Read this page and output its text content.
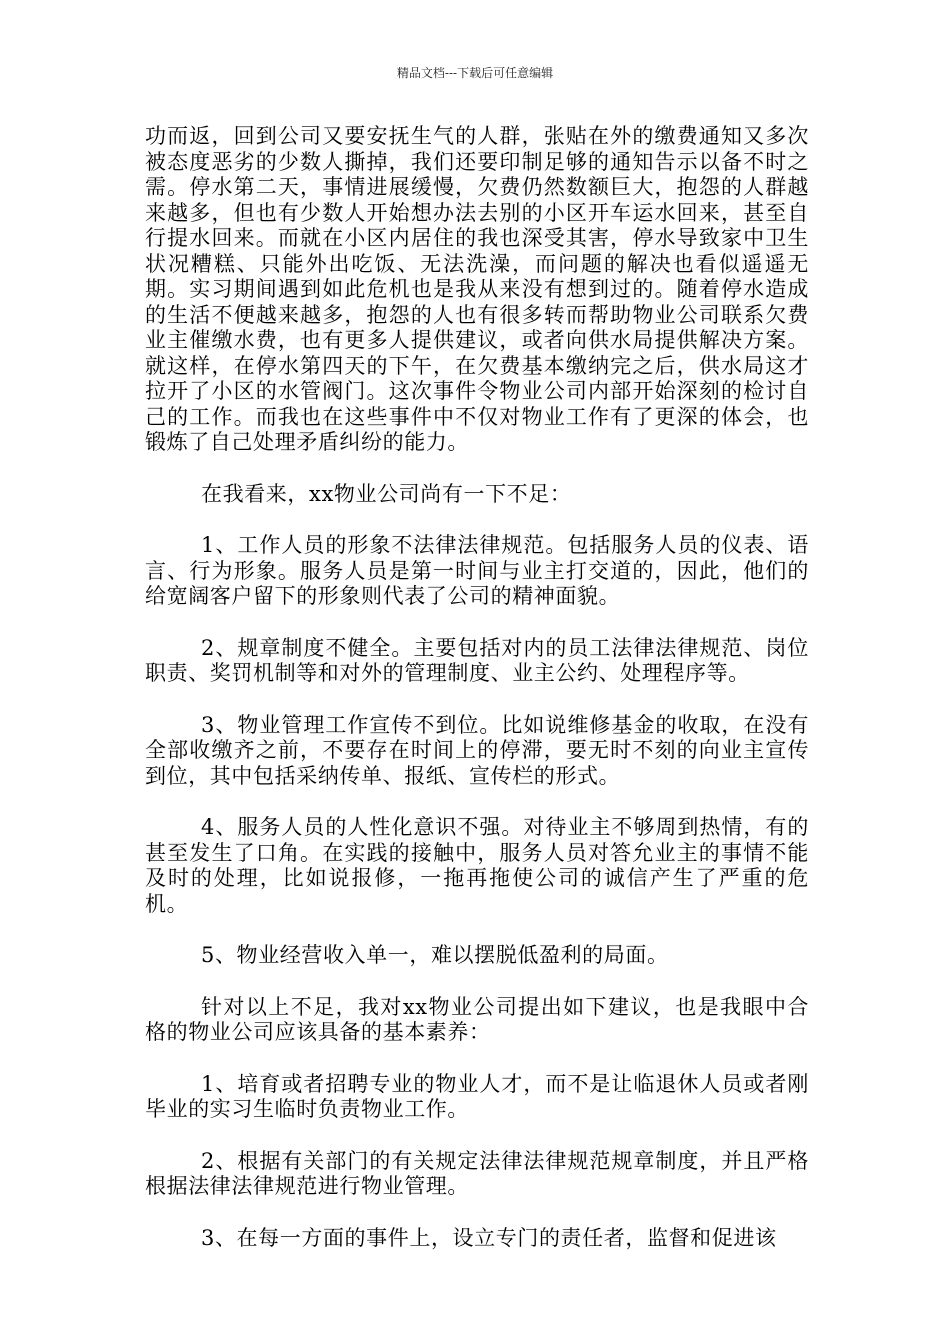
精品文档---下载后可任意编辑

功而返，回到公司又要安抚生气的人群，张贴在外的缴费通知又多次被态度恶劣的少数人撕掉，我们还要印制足够的通知告示以备不时之需。停水第二天，事情进展缓慢，欠费仍然数额巨大，抱怨的人群越来越多，但也有少数人开始想办法去别的小区开车运水回来，甚至自行提水回来。而就在小区内居住的我也深受其害，停水导致家中卫生状况糟糕、只能外出吃饭、无法洗澡，而问题的解决也看似遥遥无期。实习期间遇到如此危机也是我从来没有想到过的。随着停水造成的生活不便越来越多，抱怨的人也有很多转而帮助物业公司联系欠费业主催缴水费，也有更多人提供建议，或者向供水局提供解决方案。就这样，在停水第四天的下午，在欠费基本缴纳完之后，供水局这才拉开了小区的水管阀门。这次事件令物业公司内部开始深刻的检讨自己的工作。而我也在这些事件中不仅对物业工作有了更深的体会，也锻炼了自己处理矛盾纠纷的能力。

在我看来，xx物业公司尚有一下不足：

1、工作人员的形象不法律法律规范。包括服务人员的仪表、语言、行为形象。服务人员是第一时间与业主打交道的，因此，他们的给宽阔客户留下的形象则代表了公司的精神面貌。

2、规章制度不健全。主要包括对内的员工法律法律规范、岗位职责、奖罚机制等和对外的管理制度、业主公约、处理程序等。

3、物业管理工作宣传不到位。比如说维修基金的收取，在没有全部收缴齐之前，不要存在时间上的停滞，要无时不刻的向业主宣传到位，其中包括采纳传单、报纸、宣传栏的形式。

4、服务人员的人性化意识不强。对待业主不够周到热情，有的甚至发生了口角。在实践的接触中，服务人员对答允业主的事情不能及时的处理，比如说报修，一拖再拖使公司的诚信产生了严重的危机。

5、物业经营收入单一，难以摆脱低盈利的局面。

针对以上不足，我对xx物业公司提出如下建议，也是我眼中合格的物业公司应该具备的基本素养：

1、培育或者招聘专业的物业人才，而不是让临退休人员或者刚毕业的实习生临时负责物业工作。

2、根据有关部门的有关规定法律法律规范规章制度，并且严格根据法律法律规范进行物业管理。

3、在每一方面的事件上，设立专门的责任者，监督和促进该
